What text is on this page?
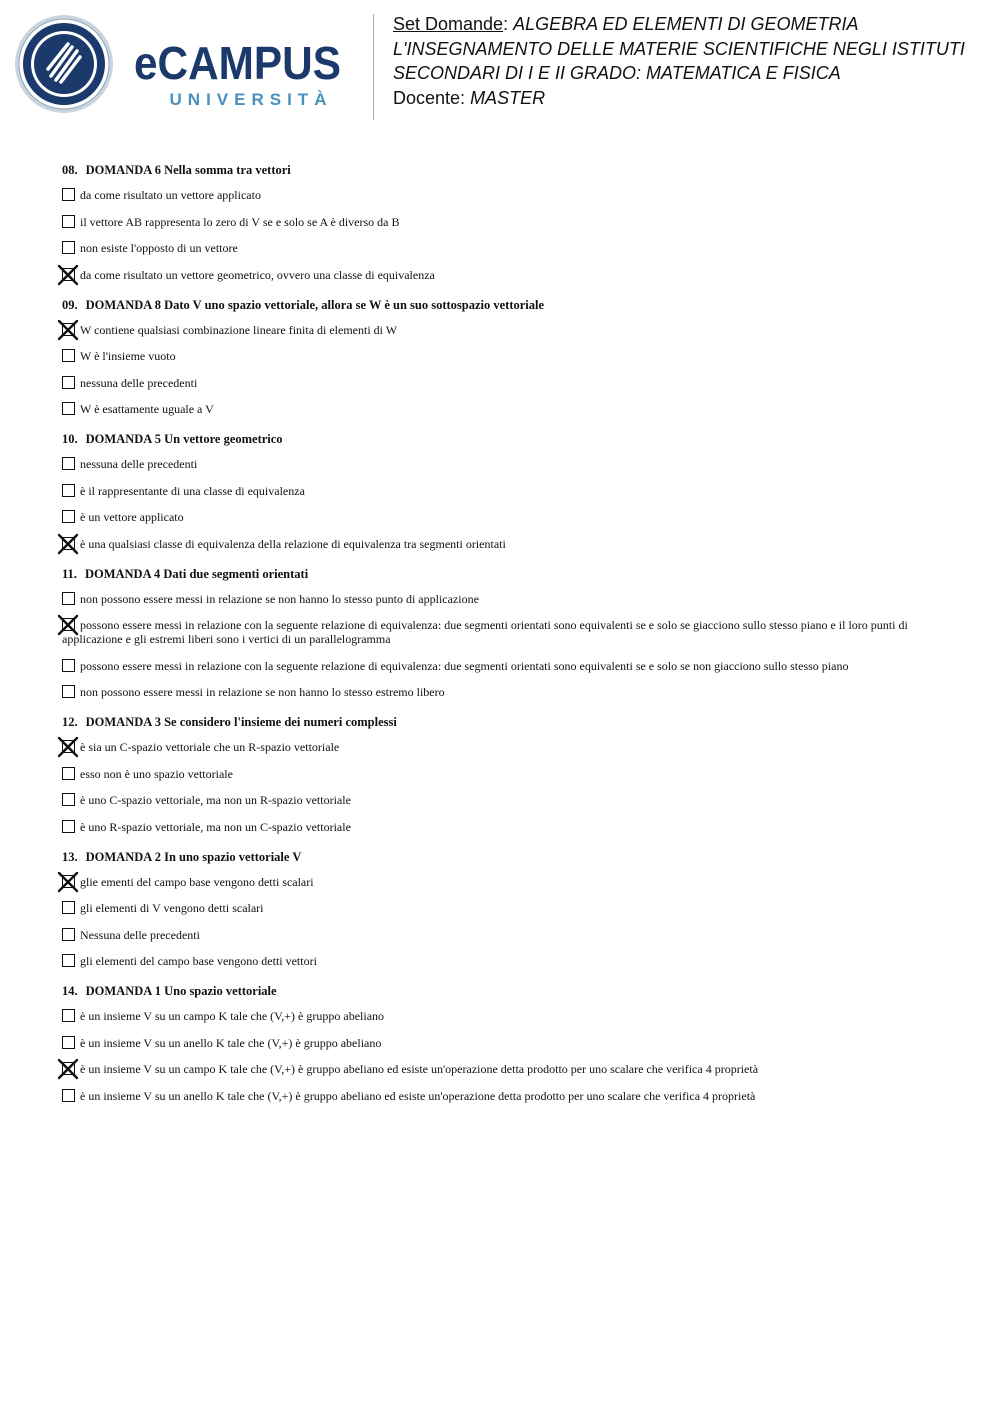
eCAMPUS
UNIVERSITÀ
Set Domande: ALGEBRA ED ELEMENTI DI GEOMETRIA
L'INSEGNAMENTO DELLE MATERIE SCIENTIFICHE NEGLI ISTITUTI
SECONDARI DI I E II GRADO: MATEMATICA E FISICA
Docente: MASTER
08. DOMANDA 6 Nella somma tra vettori
da come risultato un vettore applicato
il vettore AB rappresenta lo zero di V se e solo se A è diverso da B
non esiste l'opposto di un vettore
da come risultato un vettore geometrico, ovvero una classe di equivalenza
09. DOMANDA 8 Dato V uno spazio vettoriale, allora se W è un suo sottospazio vettoriale
W contiene qualsiasi combinazione lineare finita di elementi di W
W è l'insieme vuoto
nessuna delle precedenti
W è esattamente uguale a V
10. DOMANDA 5 Un vettore geometrico
nessuna delle precedenti
è il rappresentante di una classe di equivalenza
è un vettore applicato
è una qualsiasi classe di equivalenza della relazione di equivalenza tra segmenti orientati
11. DOMANDA 4 Dati due segmenti orientati
non possono essere messi in relazione se non hanno lo stesso punto di applicazione
possono essere messi in relazione con la seguente relazione di equivalenza: due segmenti orientati sono equivalenti se e solo se giacciono sullo stesso piano e il loro punti di applicazione e gli estremi liberi sono i vertici di un parallelogramma
possono essere messi in relazione con la seguente relazione di equivalenza: due segmenti orientati sono equivalenti se e solo se non giacciono sullo stesso piano
non possono essere messi in relazione se non hanno lo stesso estremo libero
12. DOMANDA 3 Se considero l'insieme dei numeri complessi
è sia un C-spazio vettoriale che un R-spazio vettoriale
esso non è uno spazio vettoriale
è uno C-spazio vettoriale, ma non un R-spazio vettoriale
è uno R-spazio vettoriale, ma non un C-spazio vettoriale
13. DOMANDA 2 In uno spazio vettoriale V
glie ementi del campo base vengono detti scalari
gli elementi di V vengono detti scalari
Nessuna delle precedenti
gli elementi del campo base vengono detti vettori
14. DOMANDA 1 Uno spazio vettoriale
è un insieme V su un campo K tale che (V,+) è gruppo abeliano
è un insieme V su un anello K tale che (V,+) è gruppo abeliano
è un insieme V su un campo K tale che (V,+) è gruppo abeliano ed esiste un'operazione detta prodotto per uno scalare che verifica 4 proprietà
è un insieme V su un anello K tale che (V,+) è gruppo abeliano ed esiste un'operazione detta prodotto per uno scalare che verifica 4 proprietà
